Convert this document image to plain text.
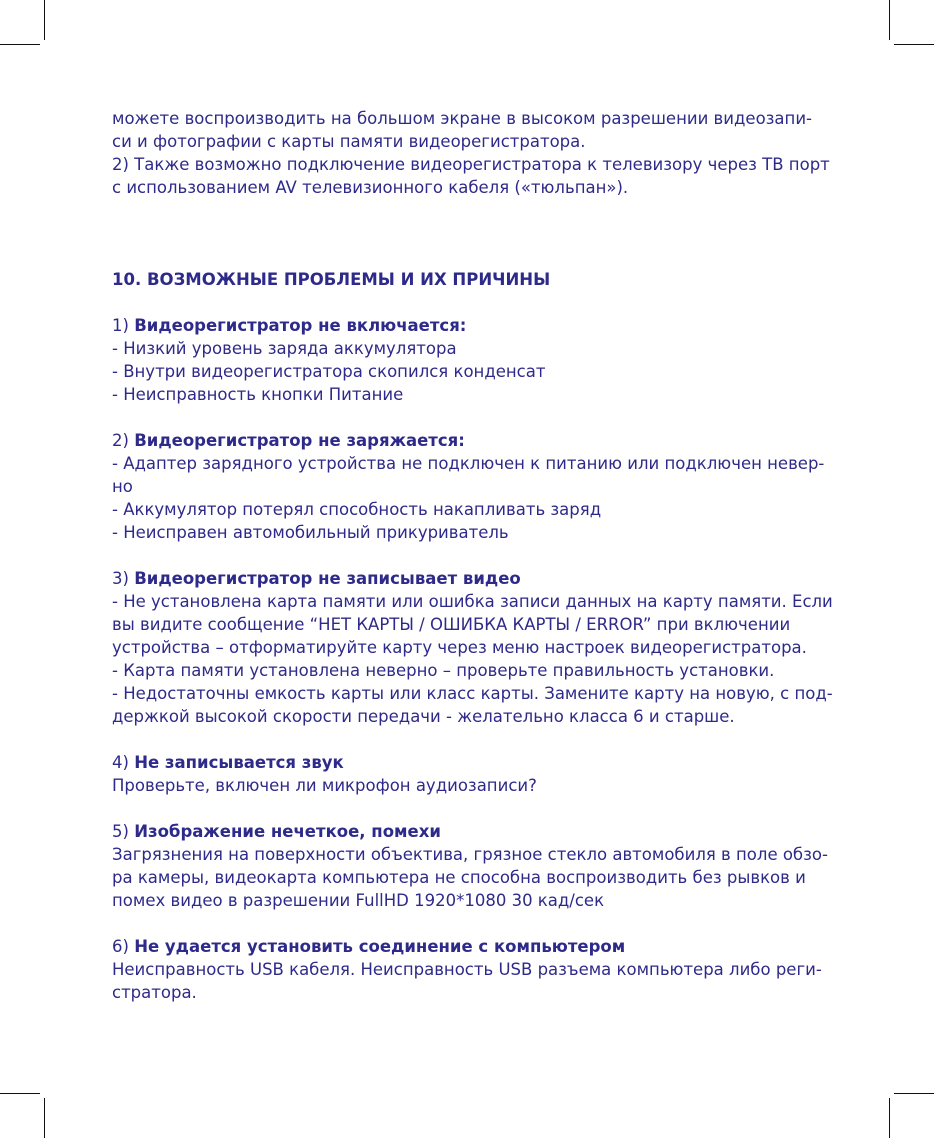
можете воспроизводить на большом экране в высоком разрешении видеозапи-
си и фотографии с карты памяти видеорегистратора.
2) Также возможно подключение видеорегистратора к телевизору через ТВ порт
с использованием AV телевизионного кабеля («тюльпан»).
10. ВОЗМОЖНЫЕ ПРОБЛЕМЫ И ИХ ПРИЧИНЫ
1) Видеорегистратор не включается:
- Низкий уровень заряда аккумулятора
- Внутри видеорегистратора скопился конденсат
- Неисправность кнопки Питание
2) Видеорегистратор не заряжается:
- Адаптер зарядного устройства не подключен к питанию или подключен невер-
но
- Аккумулятор потерял способность накапливать заряд
- Неисправен автомобильный прикуриватель
3) Видеорегистратор не записывает видео
- Не установлена карта памяти или ошибка записи данных на карту памяти. Если
вы видите сообщение “НЕТ КАРТЫ / ОШИБКА КАРТЫ / ERROR” при включении
устройства – отформатируйте карту через меню настроек видеорегистратора.
- Карта памяти установлена неверно – проверьте правильность установки.
- Недостаточны емкость карты или класс карты. Замените карту на новую, с под-
держкой высокой скорости передачи - желательно класса 6 и старше.
4) Не записывается звук
Проверьте, включен ли микрофон аудиозаписи?
5) Изображение нечеткое, помехи
Загрязнения на поверхности объектива, грязное стекло автомобиля в поле обзо-
ра камеры, видеокарта компьютера не способна воспроизводить без рывков и
помех видео в разрешении FullHD 1920*1080 30 кад/сек
6) Не удается установить соединение с компьютером
Неисправность USB кабеля. Неисправность USB разъема компьютера либо реги-
стратора.
